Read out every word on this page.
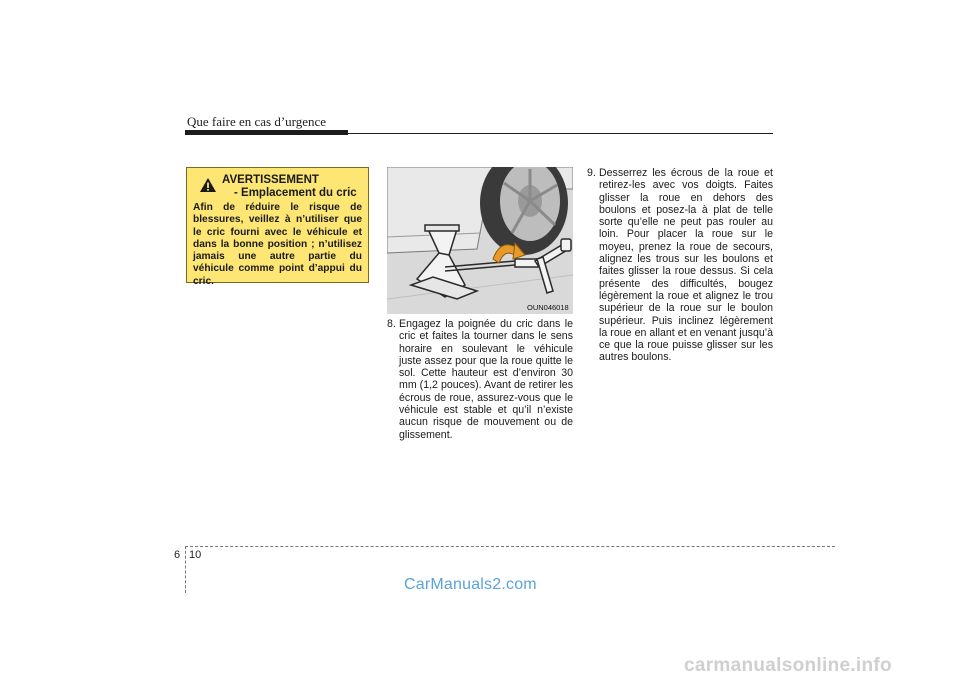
Que faire en cas d’urgence
AVERTISSEMENT
- Emplacement du cric
Afin de réduire le risque de blessures, veillez à n’utiliser que le cric fourni avec le véhicule et dans la bonne position ; n’utilisez jamais une autre partie du véhicule comme point d’appui du cric.
OUN046018
8. Engagez la poignée du cric dans le cric et faites la tourner dans le sens horaire en soulevant le véhicule juste assez pour que la roue quitte le sol. Cette hauteur est d’environ 30 mm (1,2 pouces). Avant de retirer les écrous de roue, assurez-vous que le véhicule est stable et qu’il n’existe aucun risque de mouvement ou de glissement.
9. Desserrez les écrous de la roue et retirez-les avec vos doigts. Faites glisser la roue en dehors des boulons et posez-la à plat de telle sorte qu’elle ne peut pas rouler au loin. Pour placer la roue sur le moyeu, prenez la roue de secours, alignez les trous sur les boulons et faites glisser la roue dessus. Si cela présente des difficultés, bougez légèrement la roue et alignez le trou supérieur de la roue sur le boulon supérieur. Puis inclinez légèrement la roue en allant et en venant jusqu’à ce que la roue puisse glisser sur les autres boulons.
6 10
CarManuals2.com
carmanualsonline.info
